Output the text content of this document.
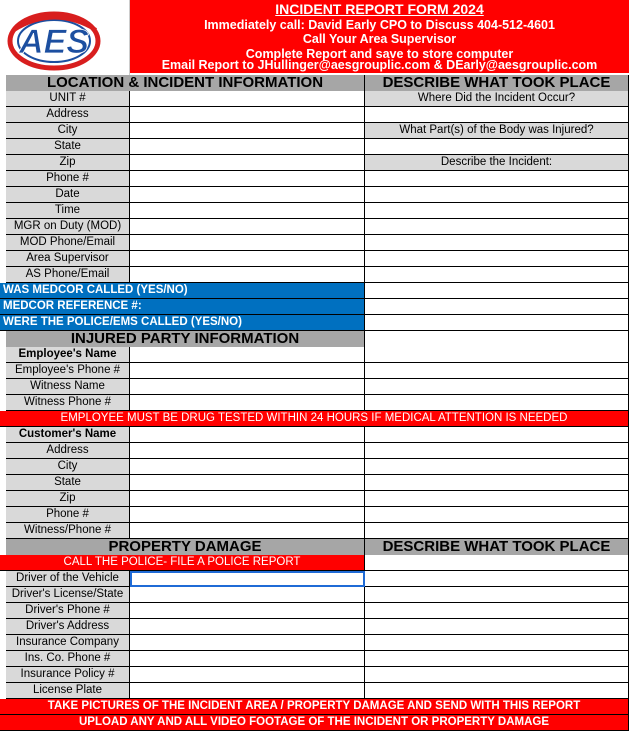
INCIDENT REPORT FORM 2024
Immediately call: David Early CPO to Discuss 404-512-4601
Call Your Area Supervisor
Complete Report and save to store computer
Email Report to JHullinger@aesgrouplic.com & DEarly@aesgrouplic.com
AES
LOCATION & INCIDENT INFORMATION	DESCRIBE WHAT TOOK PLACE
UNIT #
Address
City
State
Zip
Phone #
Date
Time
MGR on Duty (MOD)
MOD Phone/Email
Area Supervisor
AS Phone/Email
Where Did the Incident Occur?
What Part(s) of the Body was Injured?
Describe the Incident:
WAS MEDCOR CALLED (YES/NO)
MEDCOR REFERENCE #:
WERE THE POLICE/EMS CALLED (YES/NO)
INJURED PARTY INFORMATION
Employee's Name
Employee's Phone #
Witness Name
Witness Phone #
EMPLOYEE MUST BE DRUG TESTED WITHIN 24 HOURS IF MEDICAL ATTENTION IS NEEDED
Customer's Name
Address
City
State
Zip
Phone #
Witness/Phone #
PROPERTY DAMAGE	DESCRIBE WHAT TOOK PLACE
CALL THE POLICE- FILE A POLICE REPORT
Driver of the Vehicle
Driver's License/State
Driver's Phone #
Driver's Address
Insurance Company
Ins. Co. Phone #
Insurance Policy #
License Plate
TAKE PICTURES OF THE INCIDENT AREA / PROPERTY DAMAGE AND SEND WITH THIS REPORT
UPLOAD ANY AND ALL VIDEO FOOTAGE OF THE INCIDENT OR PROPERTY DAMAGE
